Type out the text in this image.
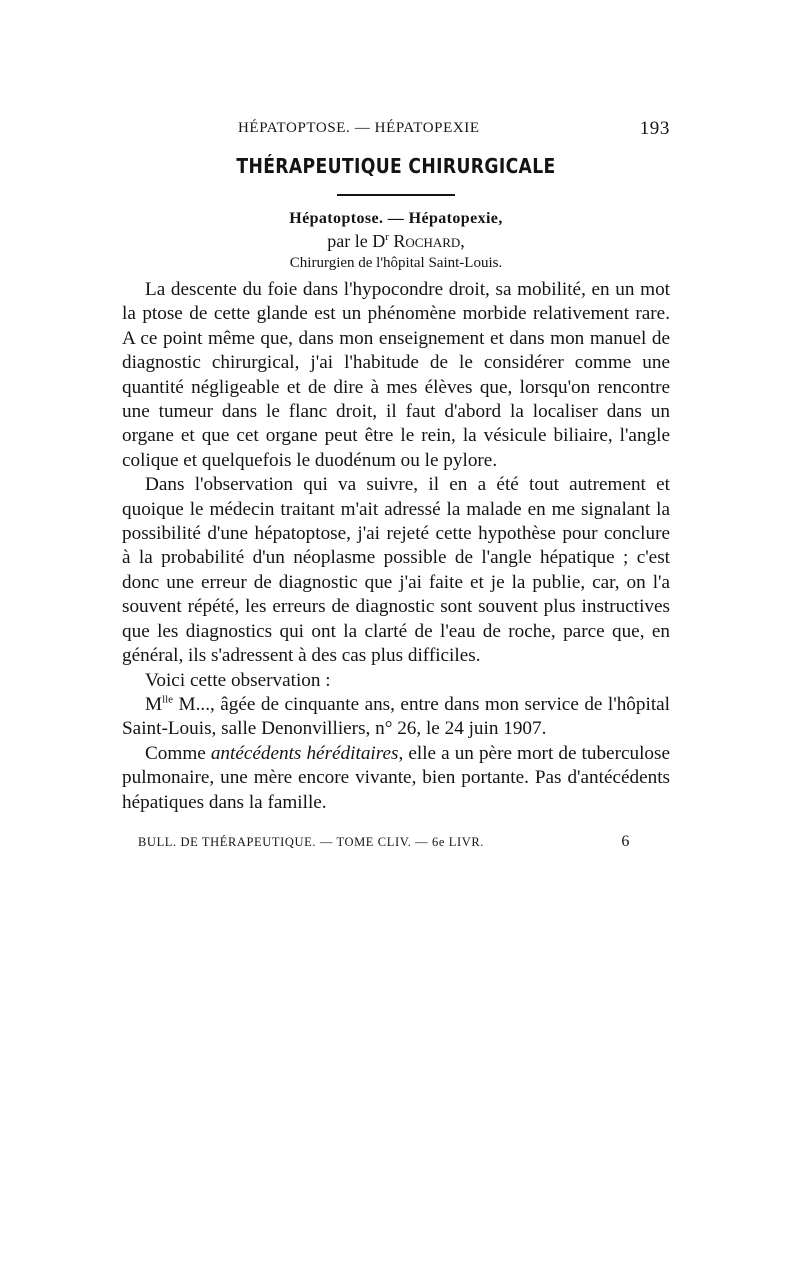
HÉPATOPTOSE. — HÉPATOPEXIE	193
THÉRAPEUTIQUE CHIRURGICALE
Hépatoptose. — Hépatopexie,
par le $D^r$ Rochard,
Chirurgien de l'hôpital Saint-Louis.

La descente du foie dans l'hypocondre droit, sa mobilité, en un mot la ptose de cette glande est un phénomène morbide relativement rare. A ce point même que, dans mon enseignement et dans mon manuel de diagnostic chirurgical, j'ai l'habitude de le considérer comme une quantité négligeable et de dire à mes élèves que, lorsqu'on rencontre une tumeur dans le flanc droit, il faut d'abord la localiser dans un organe et que cet organe peut être le rein, la vésicule biliaire, l'angle colique et quelquefois le duodénum ou le pylore.

Dans l'observation qui va suivre, il en a été tout autrement et quoique le médecin traitant m'ait adressé la malade en me signalant la possibilité d'une hépatoptose, j'ai rejeté cette hypothèse pour conclure à la probabilité d'un néoplasme possible de l'angle hépatique ; c'est donc une erreur de diagnostic que j'ai faite et je la publie, car, on l'a souvent répété, les erreurs de diagnostic sont souvent plus instructives que les diagnostics qui ont la clarté de l'eau de roche, parce que, en général, ils s'adressent à des cas plus difficiles.

Voici cette observation :

$M^{lle}$ M..., âgée de cinquante ans, entre dans mon service de l'hôpital Saint-Louis, salle Denonvilliers, n° 26, le 24 juin 1907.

Comme antécédents héréditaires, elle a un père mort de tuberculose pulmonaire, une mère encore vivante, bien portante. Pas d'antécédents hépatiques dans la famille.

BULL. DE THÉRAPEUTIQUE. — TOME CLIV. — 6e LIVR.	6
